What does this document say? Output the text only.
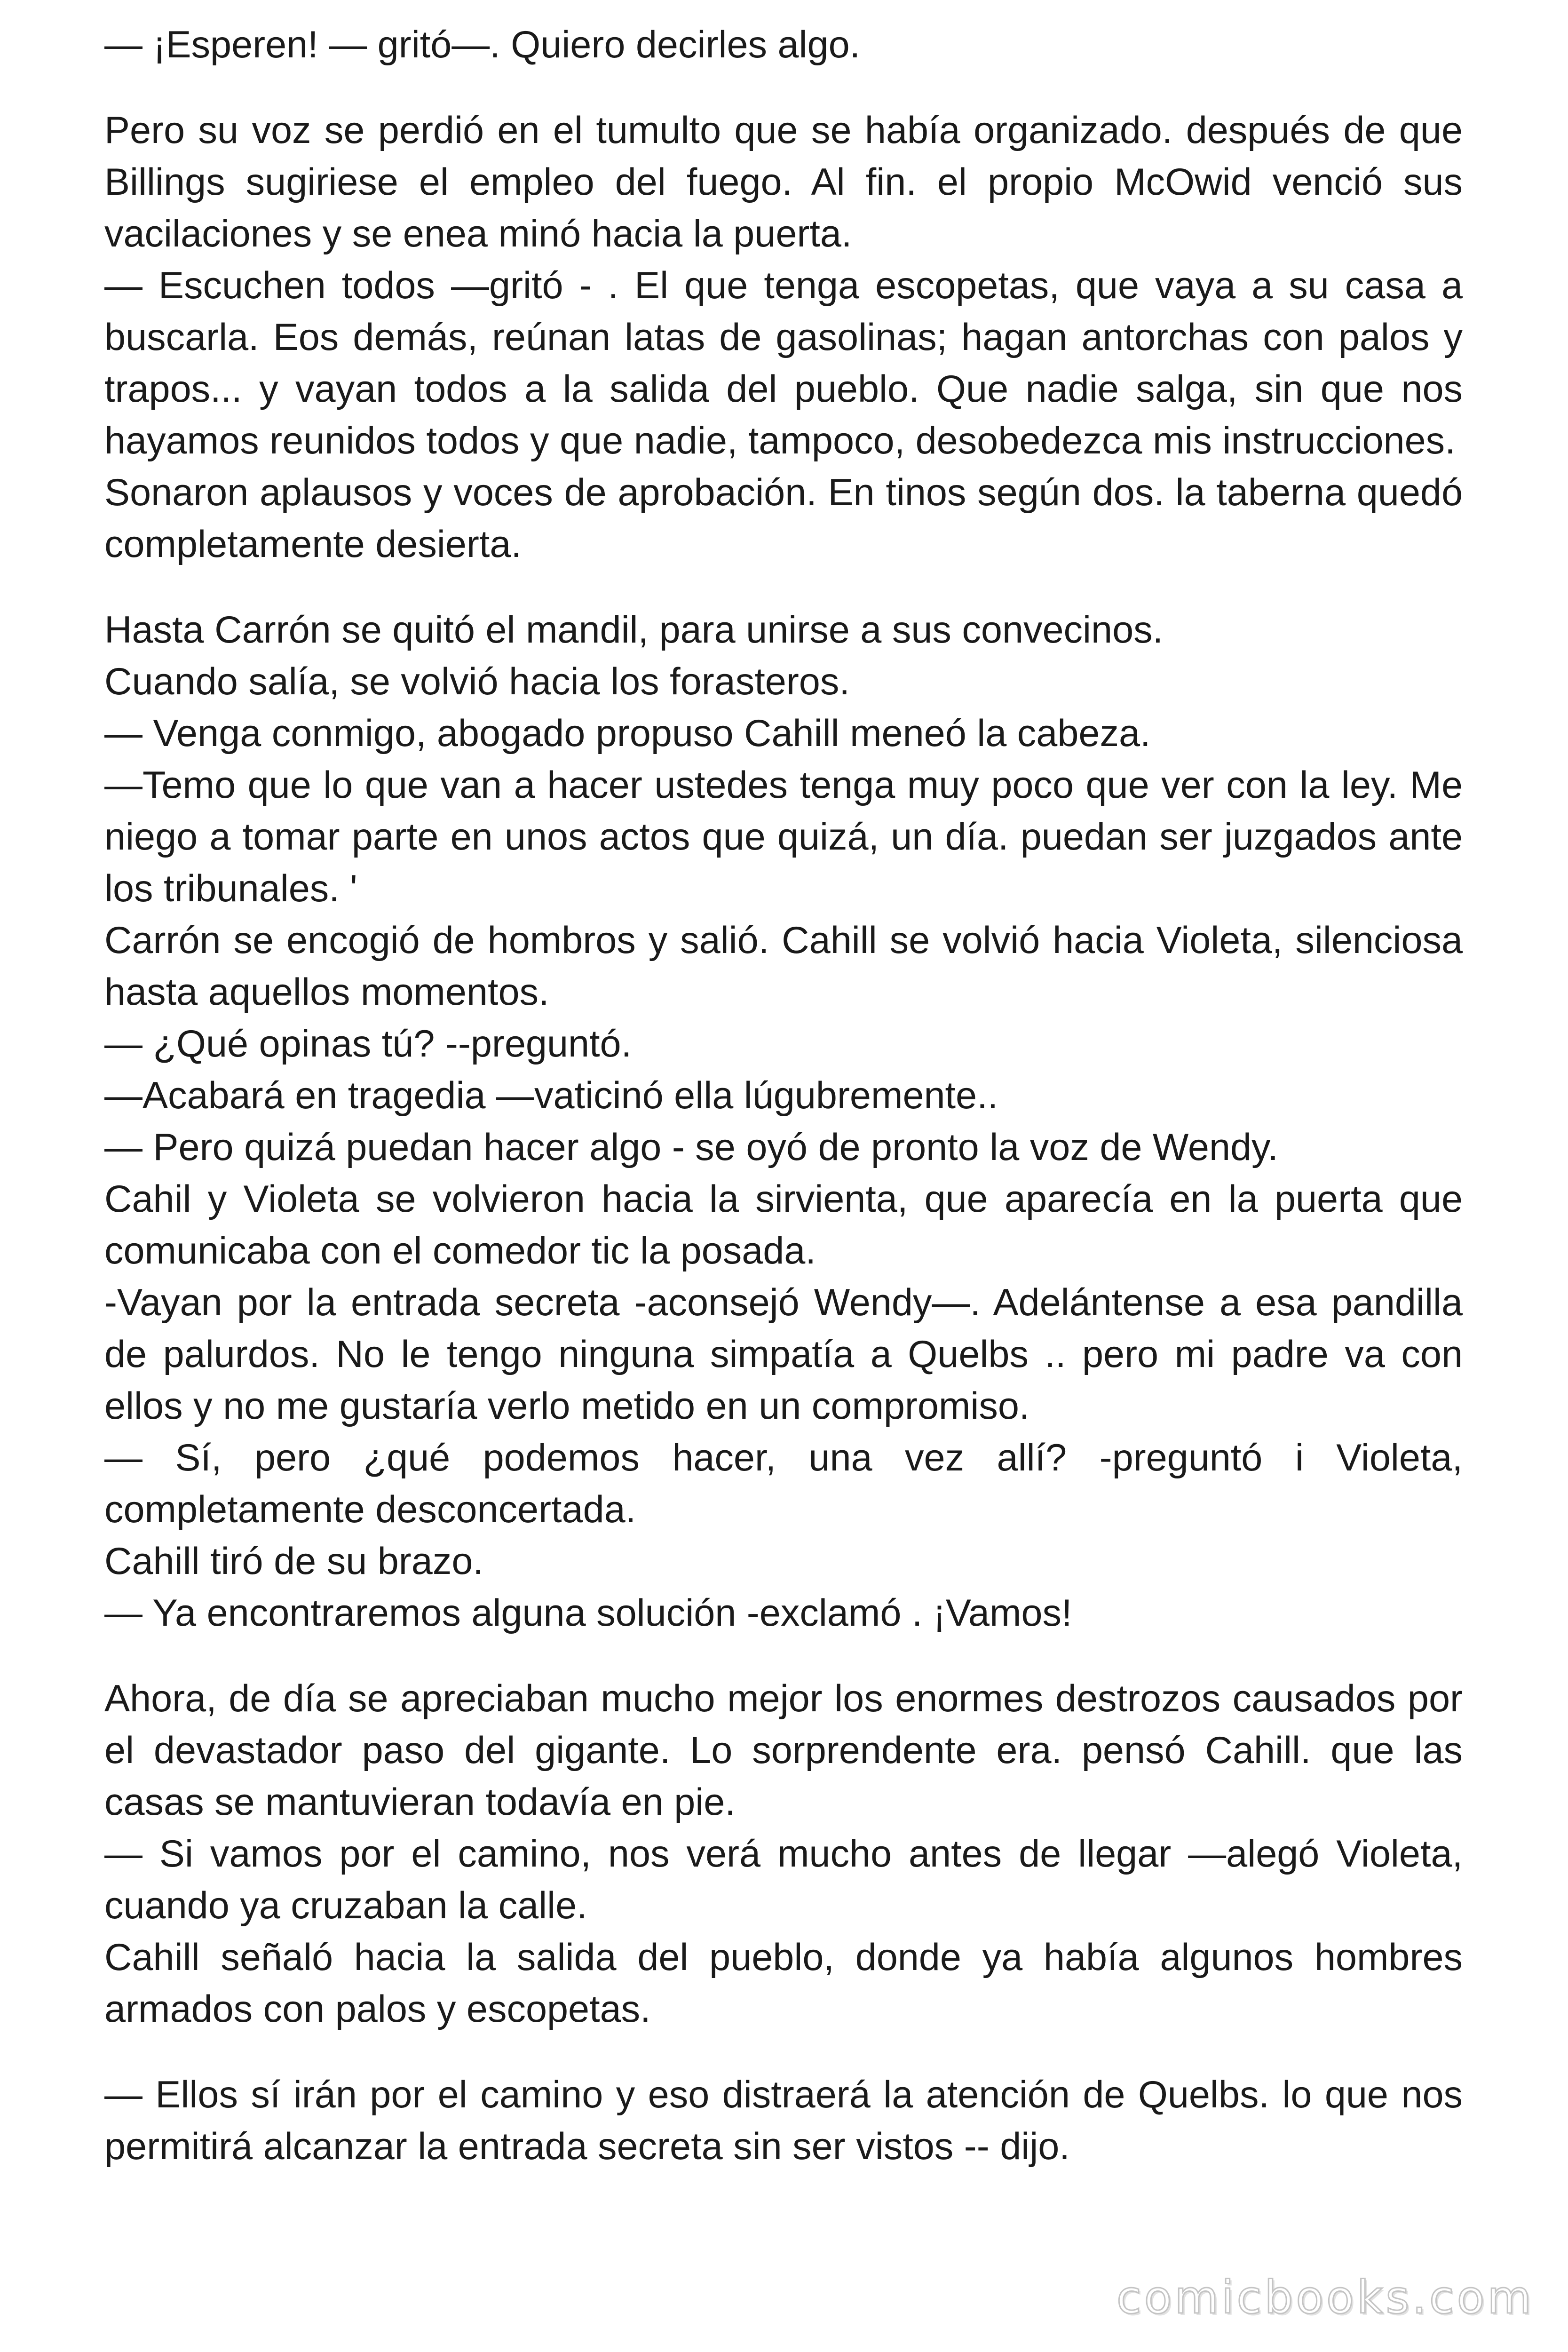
— ¡Esperen! — gritó—. Quiero decirles algo.
Pero su voz se perdió en el tumulto que se había organizado. después de que Billings sugiriese el empleo del fuego. Al fin. el propio McOwid venció sus vacilaciones y se enea minó hacia la puerta.
— Escuchen todos —gritó - . El que tenga escopetas, que vaya a su casa a buscarla. Eos demás, reúnan latas de gasolinas; hagan antorchas con palos y trapos... y vayan todos a la salida del pueblo. Que nadie salga, sin que nos hayamos reunidos todos y que nadie, tampoco, desobedezca mis instrucciones.
Sonaron aplausos y voces de aprobación. En tinos según dos. la taberna quedó completamente desierta.
Hasta Carrón se quitó el mandil, para unirse a sus convecinos.
Cuando salía, se volvió hacia los forasteros.
— Venga conmigo, abogado propuso Cahill meneó la cabeza.
—Temo que lo que van a hacer ustedes tenga muy poco que ver con la ley. Me niego a tomar parte en unos actos que quizá, un día. puedan ser juzgados ante los tribunales. '
Carrón se encogió de hombros y salió. Cahill se volvió hacia Violeta, silenciosa hasta aquellos momentos.
— ¿Qué opinas tú? --preguntó.
—Acabará en tragedia —vaticinó ella lúgubremente..
— Pero quizá puedan hacer algo - se oyó de pronto la voz de Wendy.
Cahil y Violeta se volvieron hacia la sirvienta, que aparecía en la puerta que comunicaba con el comedor tic la posada.
-Vayan por la entrada secreta -aconsejó Wendy—. Adelántense a esa pandilla de palurdos. No le tengo ninguna simpatía a Quelbs .. pero mi padre va con ellos y no me gustaría verlo metido en un compromiso.
— Sí, pero ¿qué podemos hacer, una vez allí? -preguntó i Violeta, completamente desconcertada.
Cahill tiró de su brazo.
— Ya encontraremos alguna solución -exclamó . ¡Vamos!
Ahora, de día se apreciaban mucho mejor los enormes destrozos causados por el devastador paso del gigante. Lo sorprendente era. pensó Cahill. que las casas se mantuvieran todavía en pie.
— Si vamos por el camino, nos verá mucho antes de llegar —alegó Violeta, cuando ya cruzaban la calle.
Cahill señaló hacia la salida del pueblo, donde ya había algunos hombres armados con palos y escopetas.
— Ellos sí irán por el camino y eso distraerá la atención de Quelbs. lo que nos permitirá alcanzar la entrada secreta sin ser vistos -- dijo.
comicbooks.com
